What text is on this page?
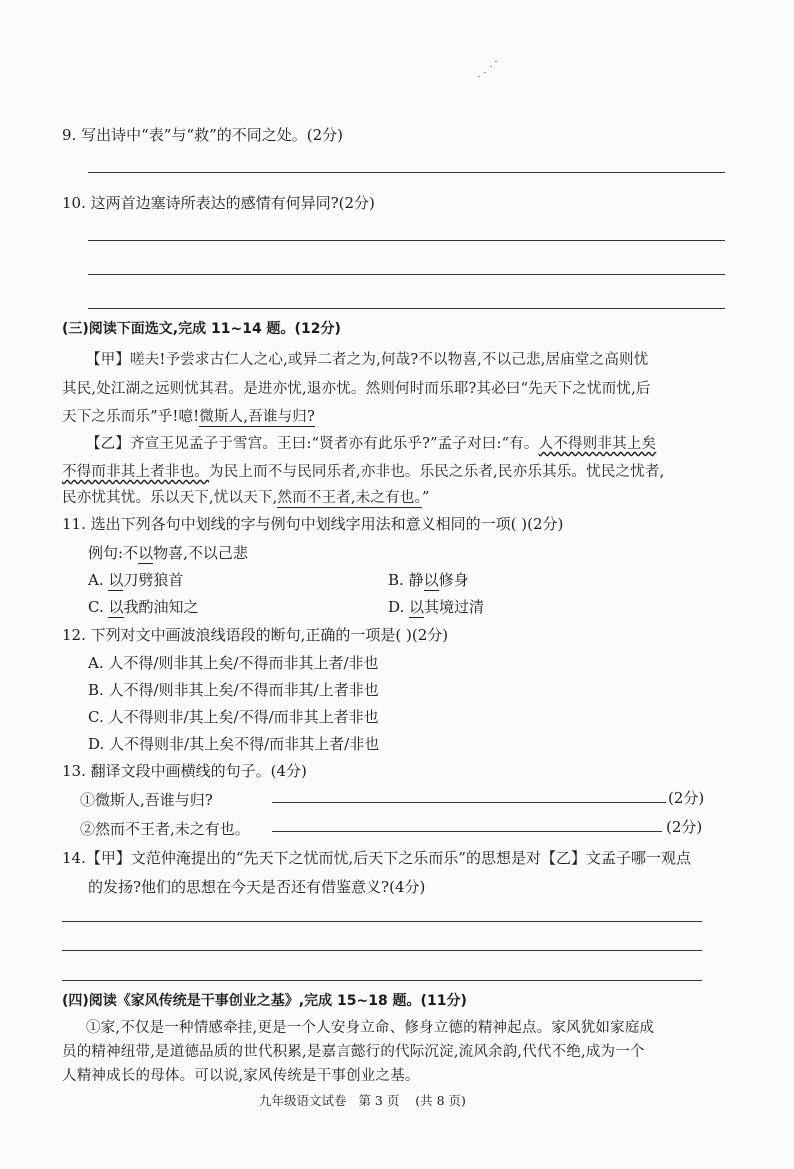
9. 写出诗中“表”与“救”的不同之处。(2分)
10. 这两首边塞诗所表达的感情有何异同?(2分)
(三)阅读下面选文,完成 11~14 题。(12分)
【甲】嗟夫!予尝求古仁人之心,或异二者之为,何哉?不以物喜,不以己悲,居庙堂之高则忧
其民,处江湖之远则忧其君。是进亦忧,退亦忧。然则何时而乐耶?其必曰“先天下之忧而忧,后
天下之乐而乐”乎!噫!微斯人,吾谁与归?
【乙】齐宣王见孟子于雪宫。王曰:“贤者亦有此乐乎?”孟子对曰:“有。人不得则非其上矣
不得而非其上者非也。为民上而不与民同乐者,亦非也。乐民之乐者,民亦乐其乐。忧民之忧者,
民亦忧其忧。乐以天下,忧以天下,然而不王者,未之有也。”
11. 选出下列各句中划线的字与例句中划线字用法和意义相同的一项( )(2分)
例句:不以物喜,不以己悲
A. 以刀劈狼首	B. 静以修身
C. 以我酌油知之	D. 以其境过清
12. 下列对文中画波浪线语段的断句,正确的一项是( )(2分)
A. 人不得/则非其上矣/不得而非其上者/非也
B. 人不得/则非其上矣/不得而非其/上者非也
C. 人不得则非/其上矣/不得/而非其上者非也
D. 人不得则非/其上矣不得/而非其上者/非也
13. 翻译文段中画横线的句子。(4分)
①微斯人,吾谁与归?	(2分)
②然而不王者,未之有也。	(2分)
14.【甲】文范仲淹提出的“先天下之忧而忧,后天下之乐而乐”的思想是对【乙】文孟子哪一观点
的发扬?他们的思想在今天是否还有借鉴意义?(4分)
(四)阅读《家风传统是干事创业之基》,完成 15~18 题。(11分)
①家,不仅是一种情感牵挂,更是一个人安身立命、修身立德的精神起点。家风犹如家庭成
员的精神纽带,是道德品质的世代积累,是嘉言懿行的代际沉淀,流风余韵,代代不绝,成为一个
人精神成长的母体。可以说,家风传统是干事创业之基。
九年级语文试卷 第 3 页 (共 8 页)
